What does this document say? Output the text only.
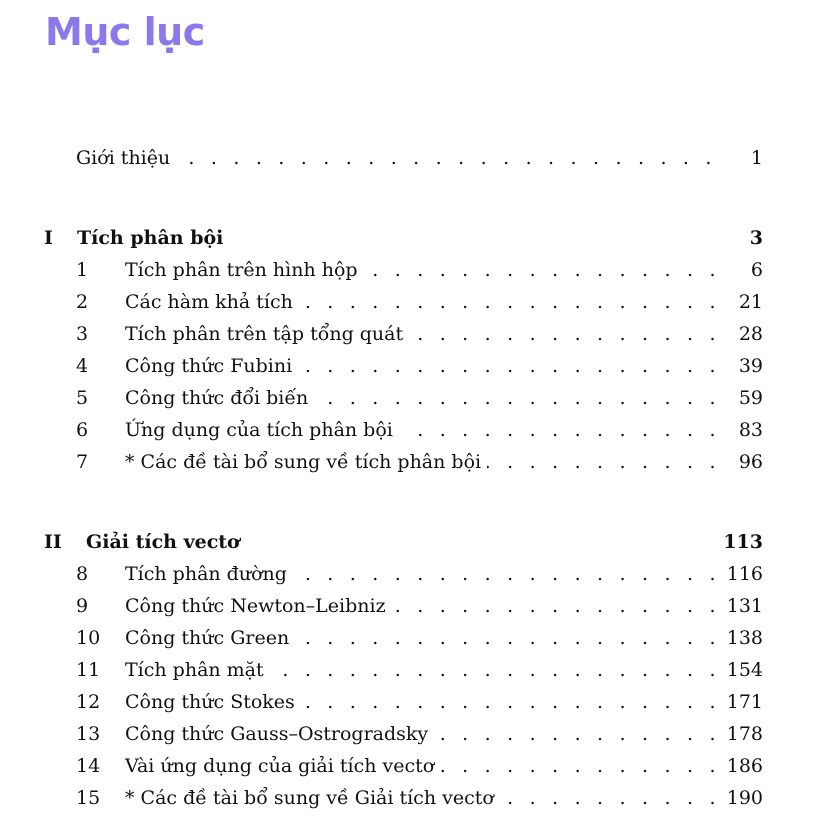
Mục lục
Giới thiệu . . .	1
I Tích phân bội	3
1 Tích phân trên hình hộp . . .	6
2 Các hàm khả tích . . .	21
3 Tích phân trên tập tổng quát . . .	28
4 Công thức Fubini . . .	39
5 Công thức đổi biến . . .	59
6 Ứng dụng của tích phân bội . . .	83
7 * Các đề tài bổ sung về tích phân bội . . .	96
II Giải tích vectơ	113
8 Tích phân đường . . .	116
9 Công thức Newton–Leibniz . . .	131
10 Công thức Green . . .	138
11 Tích phân mặt . . .	154
12 Công thức Stokes . . .	171
13 Công thức Gauss–Ostrogradsky . . .	178
14 Vài ứng dụng của giải tích vectơ . . .	186
15 * Các đề tài bổ sung về Giải tích vectơ . . .	190
